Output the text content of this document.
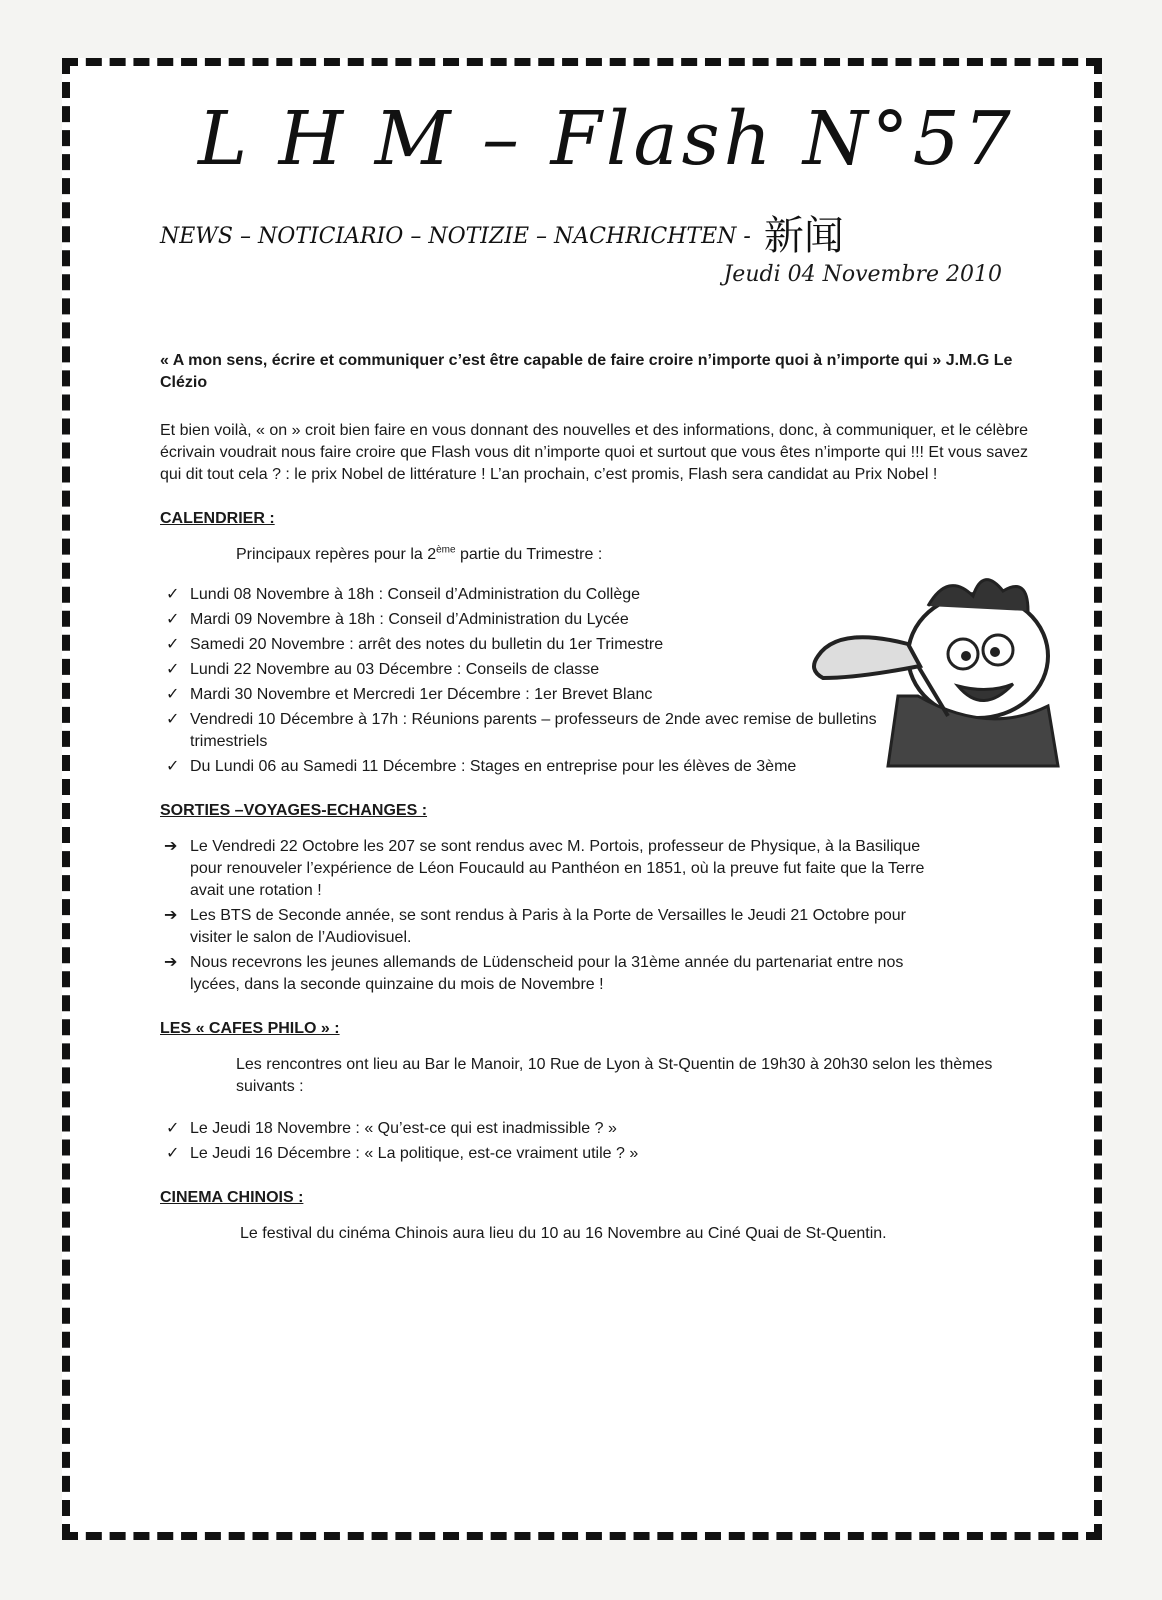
L H M – Flash N°57
NEWS – NOTICIARIO – NOTIZIE – NACHRICHTEN - 新闻
Jeudi 04 Novembre 2010

« A mon sens, écrire et communiquer c’est être capable de faire croire n’importe quoi à n’importe qui » J.M.G Le Clézio

Et bien voilà, « on » croit bien faire en vous donnant des nouvelles et des informations, donc, à communiquer, et le célèbre écrivain voudrait nous faire croire que Flash vous dit n’importe quoi et surtout que vous êtes n’importe qui !!! Et vous savez qui dit tout cela ? : le prix Nobel de littérature ! L’an prochain, c’est promis, Flash sera candidat au Prix Nobel !

CALENDRIER :

Principaux repères pour la 2ème partie du Trimestre :

✓ Lundi 08 Novembre à 18h : Conseil d’Administration du Collège
✓ Mardi 09 Novembre à 18h : Conseil d’Administration du Lycée
✓ Samedi 20 Novembre : arrêt des notes du bulletin du 1er Trimestre
✓ Lundi 22 Novembre au 03 Décembre : Conseils de classe
✓ Mardi 30 Novembre et Mercredi 1er Décembre : 1er Brevet Blanc
✓ Vendredi 10 Décembre à 17h : Réunions parents – professeurs de 2nde avec remise de bulletins trimestriels
✓ Du Lundi 06 au Samedi 11 Décembre : Stages en entreprise pour les élèves de 3ème
SORTIES –VOYAGES-ECHANGES :
➔ Le Vendredi 22 Octobre les 207 se sont rendus avec M. Portois, professeur de Physique, à la Basilique pour renouveler l’expérience de Léon Foucauld au Panthéon en 1851, où la preuve fut faite que la Terre avait une rotation !
➔ Les BTS de Seconde année, se sont rendus à Paris à la Porte de Versailles le Jeudi 21 Octobre pour visiter le salon de l’Audiovisuel.
➔ Nous recevrons les jeunes allemands de Lüdenscheid pour la 31ème année du partenariat entre nos lycées, dans la seconde quinzaine du mois de Novembre !
LES « CAFES PHILO » :

Les rencontres ont lieu au Bar le Manoir, 10 Rue de Lyon à St-Quentin de 19h30 à 20h30 selon les thèmes suivants :

✓ Le Jeudi 18 Novembre : « Qu’est-ce qui est inadmissible ? »
✓ Le Jeudi 16 Décembre : « La politique, est-ce vraiment utile ? »
CINEMA CHINOIS :

Le festival du cinéma Chinois aura lieu du 10 au 16 Novembre au Ciné Quai de St-Quentin.
